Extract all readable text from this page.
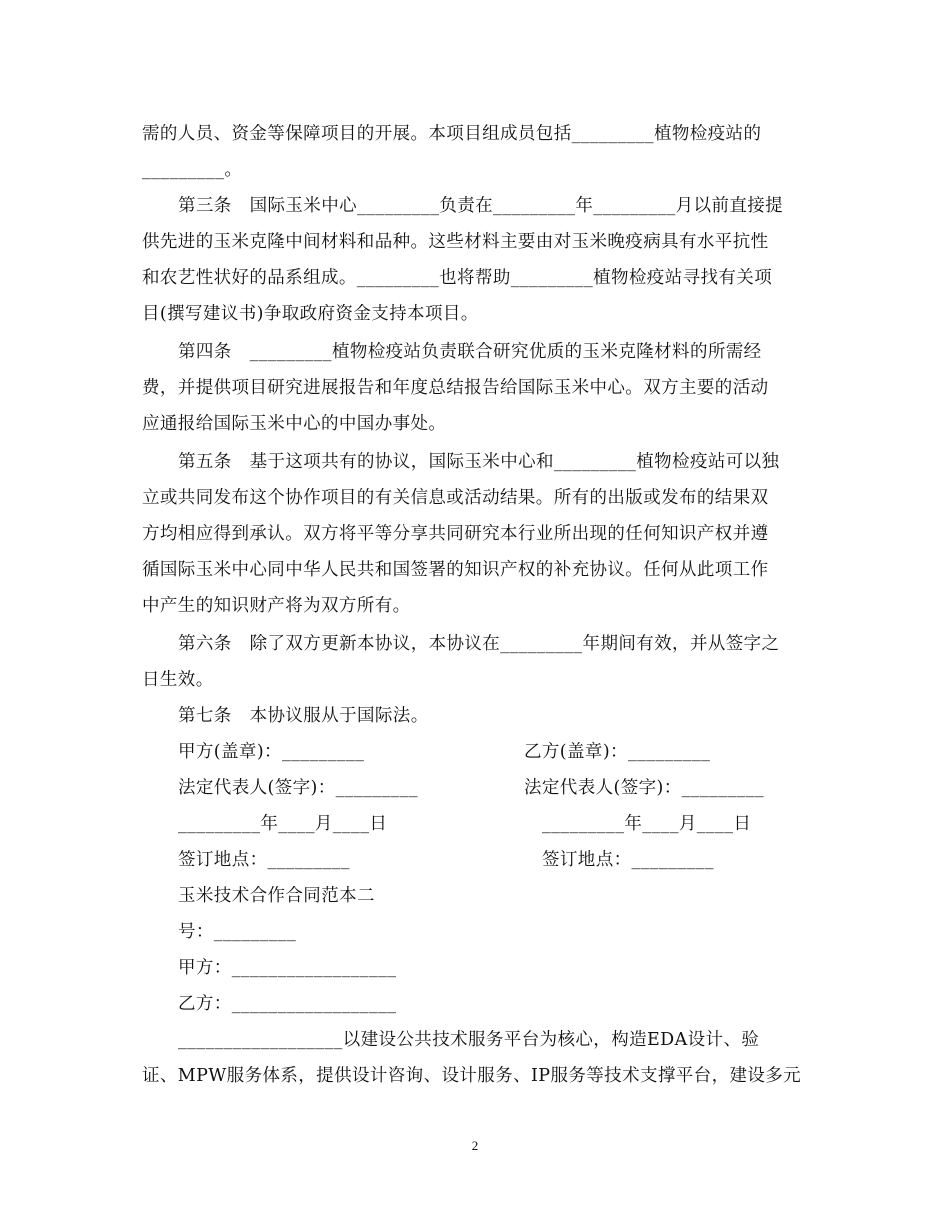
需的人员、资金等保障项目的开展。本项目组成员包括_________植物检疫站的
_________。
第三条　国际玉米中心_________负责在_________年_________月以前直接提
供先进的玉米克隆中间材料和品种。这些材料主要由对玉米晚疫病具有水平抗性
和农艺性状好的品系组成。_________也将帮助_________植物检疫站寻找有关项
目(撰写建议书)争取政府资金支持本项目。
第四条　_________植物检疫站负责联合研究优质的玉米克隆材料的所需经
费，并提供项目研究进展报告和年度总结报告给国际玉米中心。双方主要的活动
应通报给国际玉米中心的中国办事处。
第五条　基于这项共有的协议，国际玉米中心和_________植物检疫站可以独
立或共同发布这个协作项目的有关信息或活动结果。所有的出版或发布的结果双
方均相应得到承认。双方将平等分享共同研究本行业所出现的任何知识产权并遵
循国际玉米中心同中华人民共和国签署的知识产权的补充协议。任何从此项工作
中产生的知识财产将为双方所有。
第六条　除了双方更新本协议，本协议在_________年期间有效，并从签字之
日生效。
第七条　本协议服从于国际法。
甲方(盖章)：_________	乙方(盖章)：_________
法定代表人(签字)：_________	法定代表人(签字)：_________
_________年____月____日	_________年____月____日
签订地点：_________	签订地点：_________
玉米技术合作合同范本二
号：_________
甲方：__________________
乙方：__________________
__________________以建设公共技术服务平台为核心，构造EDA设计、验
证、MPW服务体系，提供设计咨询、设计服务、IP服务等技术支撑平台，建设多元
2
